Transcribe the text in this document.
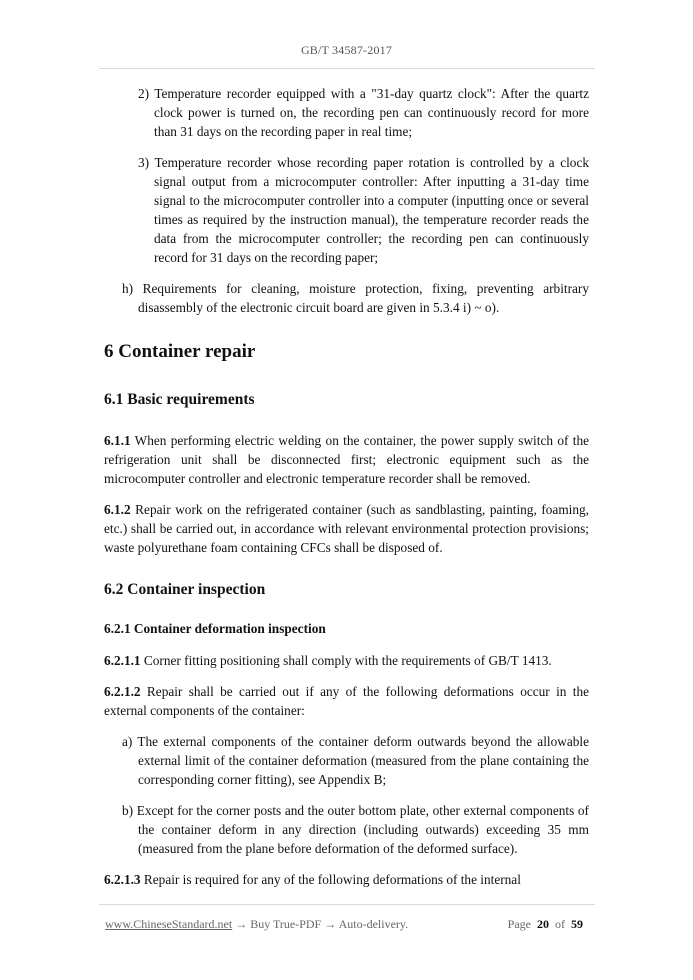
GB/T 34587-2017

2) Temperature recorder equipped with a "31-day quartz clock": After the quartz clock power is turned on, the recording pen can continuously record for more than 31 days on the recording paper in real time;

3) Temperature recorder whose recording paper rotation is controlled by a clock signal output from a microcomputer controller: After inputting a 31-day time signal to the microcomputer controller into a computer (inputting once or several times as required by the instruction manual), the temperature recorder reads the data from the microcomputer controller; the recording pen can continuously record for 31 days on the recording paper;

h) Requirements for cleaning, moisture protection, fixing, preventing arbitrary disassembly of the electronic circuit board are given in 5.3.4 i) ~ o).

6 Container repair
6.1 Basic requirements

6.1.1 When performing electric welding on the container, the power supply switch of the refrigeration unit shall be disconnected first; electronic equipment such as the microcomputer controller and electronic temperature recorder shall be removed.

6.1.2 Repair work on the refrigerated container (such as sandblasting, painting, foaming, etc.) shall be carried out, in accordance with relevant environmental protection provisions; waste polyurethane foam containing CFCs shall be disposed of.

6.2 Container inspection
6.2.1 Container deformation inspection

6.2.1.1 Corner fitting positioning shall comply with the requirements of GB/T 1413.

6.2.1.2 Repair shall be carried out if any of the following deformations occur in the external components of the container:

a) The external components of the container deform outwards beyond the allowable external limit of the container deformation (measured from the plane containing the corresponding corner fitting), see Appendix B;

b) Except for the corner posts and the outer bottom plate, other external components of the container deform in any direction (including outwards) exceeding 35 mm (measured from the plane before deformation of the deformed surface).

6.2.1.3 Repair is required for any of the following deformations of the internal

www.ChineseStandard.net → Buy True-PDF → Auto-delivery.	Page 20 of 59
